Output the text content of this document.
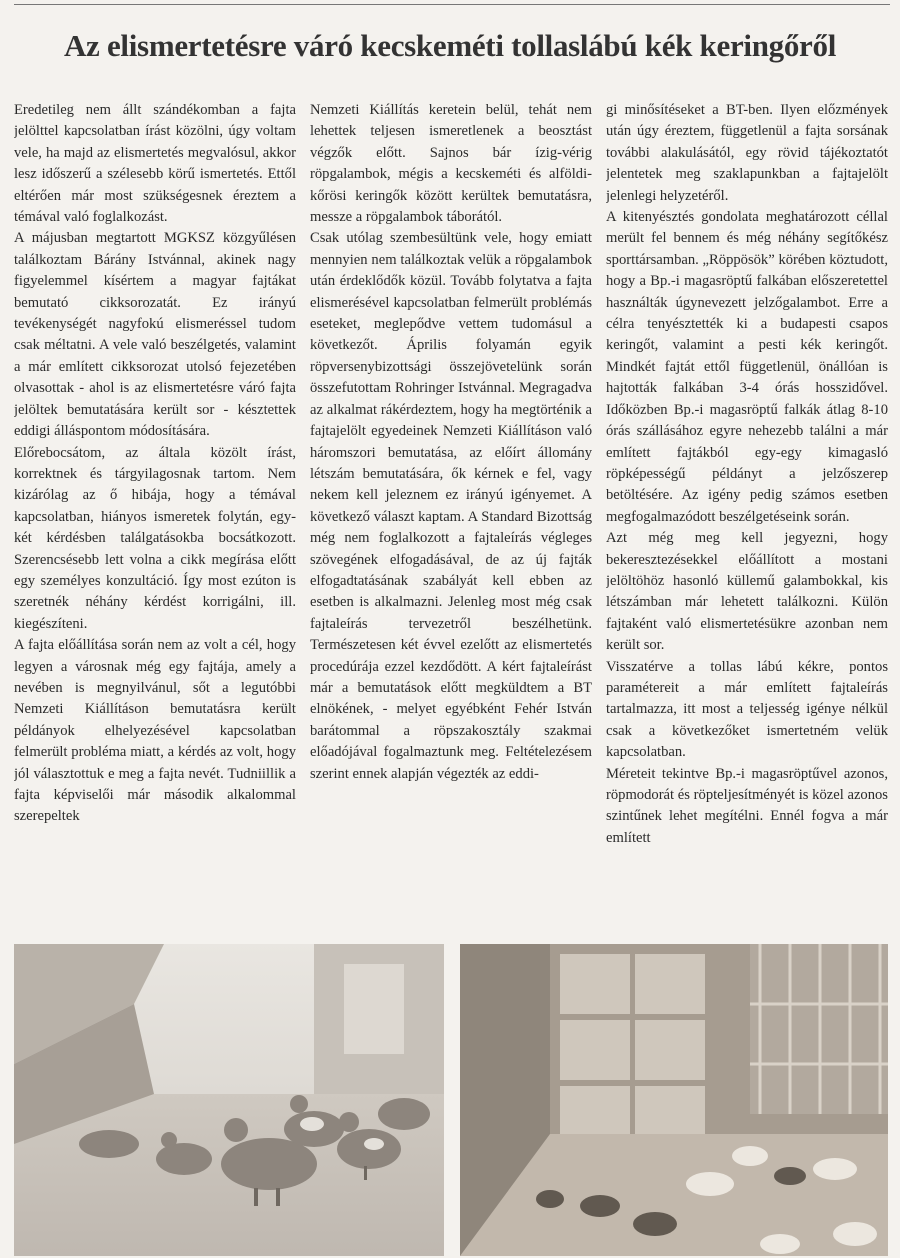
Az elismertetésre váró kecskeméti tollaslábú kék keringőről

Eredetileg nem állt szándékomban a fajta jelölttel kapcsolatban írást közölni, úgy voltam vele, ha majd az elismertetés megvalósul, akkor lesz időszerű a szélesebb körű ismertetés. Ettől eltérően már most szükségesnek éreztem a témával való foglalkozást.

A májusban megtartott MGKSZ közgyűlésen találkoztam Bárány Istvánnal, akinek nagy figyelemmel kísértem a magyar fajtákat bemutató cikksorozatát. Ez irányú tevékenységét nagyfokú elismeréssel tudom csak méltatni. A vele való beszélgetés, valamint a már említett cikksorozat utolsó fejezetében olvasottak - ahol is az elismertetésre váró fajta jelöltek bemutatására került sor - késztettek eddigi álláspontom módosítására.

Előrebocsátom, az általa közölt írást, korrektnek és tárgyilagosnak tartom. Nem kizárólag az ő hibája, hogy a témával kapcsolatban, hiányos ismeretek folytán, egy-két kérdésben találgatásokba bocsátkozott. Szerencsésebb lett volna a cikk megírása előtt egy személyes konzultáció. Így most ezúton is szeretnék néhány kérdést korrigálni, ill. kiegészíteni.

A fajta előállítása során nem az volt a cél, hogy legyen a városnak még egy fajtája, amely a nevében is megnyilvánul, sőt a legutóbbi Nemzeti Kiállításon bemutatásra került példányok elhelyezésével kapcsolatban felmerült probléma miatt, a kérdés az volt, hogy jól választottuk e meg a fajta nevét. Tudniillik a fajta képviselői már második alkalommal szerepeltek

Nemzeti Kiállítás keretein belül, tehát nem lehettek teljesen ismeretlenek a beosztást végzők előtt. Sajnos bár ízig-vérig röpgalambok, mégis a kecskeméti és alföldi-kőrösi keringők között kerültek bemutatásra, messze a röpgalambok táborától.

Csak utólag szembesültünk vele, hogy emiatt mennyien nem találkoztak velük a röpgalambok után érdeklődők közül. Tovább folytatva a fajta elismerésével kapcsolatban felmerült problémás eseteket, meglepődve vettem tudomásul a következőt. Április folyamán egyik röpversenybizottsági összejövetelünk során összefutottam Rohringer Istvánnal. Megragadva az alkalmat rákérdeztem, hogy ha megtörténik a fajtajelölt egyedeinek Nemzeti Kiállításon való háromszori bemutatása, az előírt állomány létszám bemutatására, ők kérnek e fel, vagy nekem kell jeleznem ez irányú igényemet. A következő választ kaptam. A Standard Bizottság még nem foglalkozott a fajtaleírás végleges szövegének elfogadásával, de az új fajták elfogadtatásának szabályát kell ebben az esetben is alkalmazni. Jelenleg most még csak fajtaleírás tervezetről beszélhetünk. Természetesen két évvel ezelőtt az elismertetés procedúrája ezzel kezdődött. A kért fajtaleírást már a bemutatások előtt megküldtem a BT elnökének, - melyet egyébként Fehér István barátommal a röpszakosztály szakmai előadójával fogalmaztunk meg. Feltételezésem szerint ennek alapján végezték az eddi-

gi minősítéseket a BT-ben. Ilyen előzmények után úgy éreztem, függetlenül a fajta sorsának további alakulásától, egy rövid tájékoztatót jelentetek meg szaklapunkban a fajtajelölt jelenlegi helyzetéről.

A kitenyésztés gondolata meghatározott céllal merült fel bennem és még néhány segítőkész sporttársamban. „Röppösök” körében köztudott, hogy a Bp.-i magasröptű falkában előszeretettel használták úgynevezett jelzőgalambot. Erre a célra tenyésztették ki a budapesti csapos keringőt, valamint a pesti kék keringőt. Mindkét fajtát ettől függetlenül, önállóan is hajtották falkában 3-4 órás hosszidővel. Időközben Bp.-i magasröptű falkák átlag 8-10 órás szállásához egyre nehezebb találni a már említett fajtákból egy-egy kimagasló röpképességű példányt a jelzőszerep betöltésére. Az igény pedig számos esetben megfogalmazódott beszélgetéseink során.

Azt még meg kell jegyezni, hogy bekeresztezésekkel előállított a mostani jelöltöhöz hasonló küllemű galambokkal, kis létszámban már lehetett találkozni. Külön fajtaként való elismertetésükre azonban nem került sor.

Visszatérve a tollas lábú kékre, pontos paramétereit a már említett fajtaleírás tartalmazza, itt most a teljesség igénye nélkül csak a következőket ismertetném velük kapcsolatban.

Méreteit tekintve Bp.-i magasröptűvel azonos, röpmodorát és röpteljesítményét is közel azonos szintűnek lehet megítélni. Ennél fogva a már említett
